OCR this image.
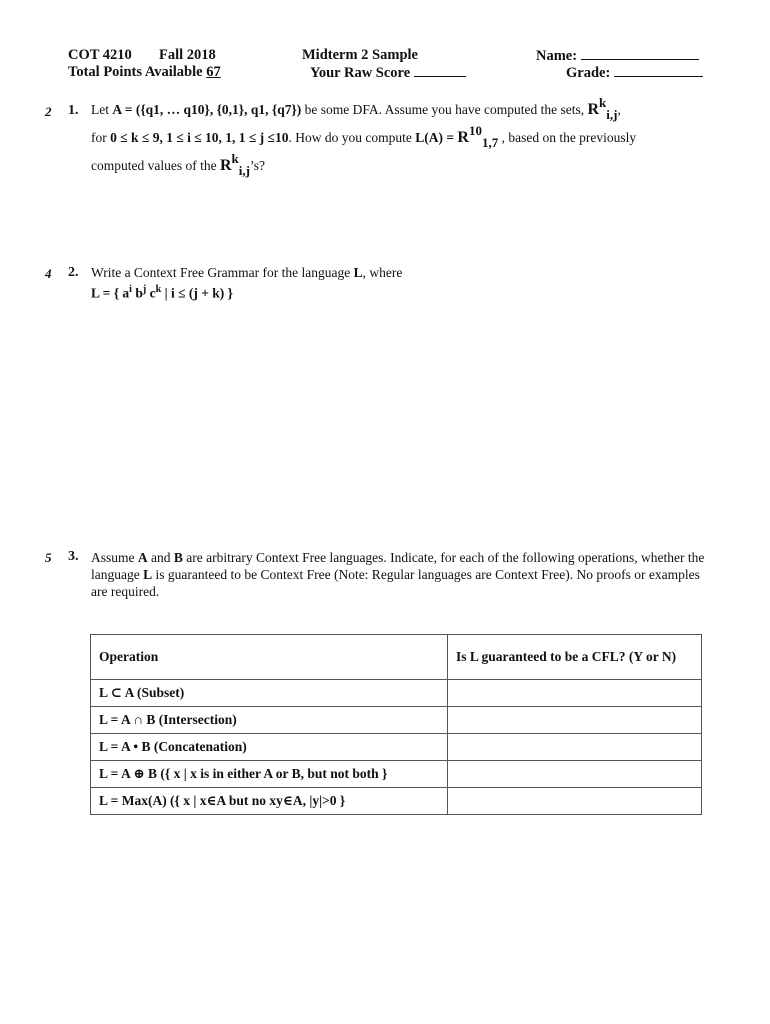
COT 4210 Fall 2018
Total Points Available 67
Midterm 2 Sample
Your Raw Score
Name:
Grade:
2 1. Let A = ({q1, … q10}, {0,1}, q1, {q7}) be some DFA. Assume you have computed the sets, Rki,j,
for 0 ≤ k ≤ 9, 1 ≤ i ≤ 10, 1, 1 ≤ j ≤10. How do you compute L(A) = R101,7 , based on the previously
computed values of the Rki,j’s?
4 2. Write a Context Free Grammar for the language L, where
L = { $a^i$ $b^j$ $c^k$ | i ≤ (j + k) }
5 3. Assume A and B are arbitrary Context Free languages. Indicate, for each of the following operations, whether the language L is guaranteed to be Context Free (Note: Regular languages are Context Free). No proofs or examples are required.
Operation	Is L guaranteed to be a CFL? (Y or N)
L ⊂ A (Subset)	
L = A ∩ B (Intersection)	
L = A • B (Concatenation)	
L = A ⊕ B ({ x | x is in either A or B, but not both }	
L = Max(A) ({ x | x∈A but no xy∈A, |y|>0 }	
